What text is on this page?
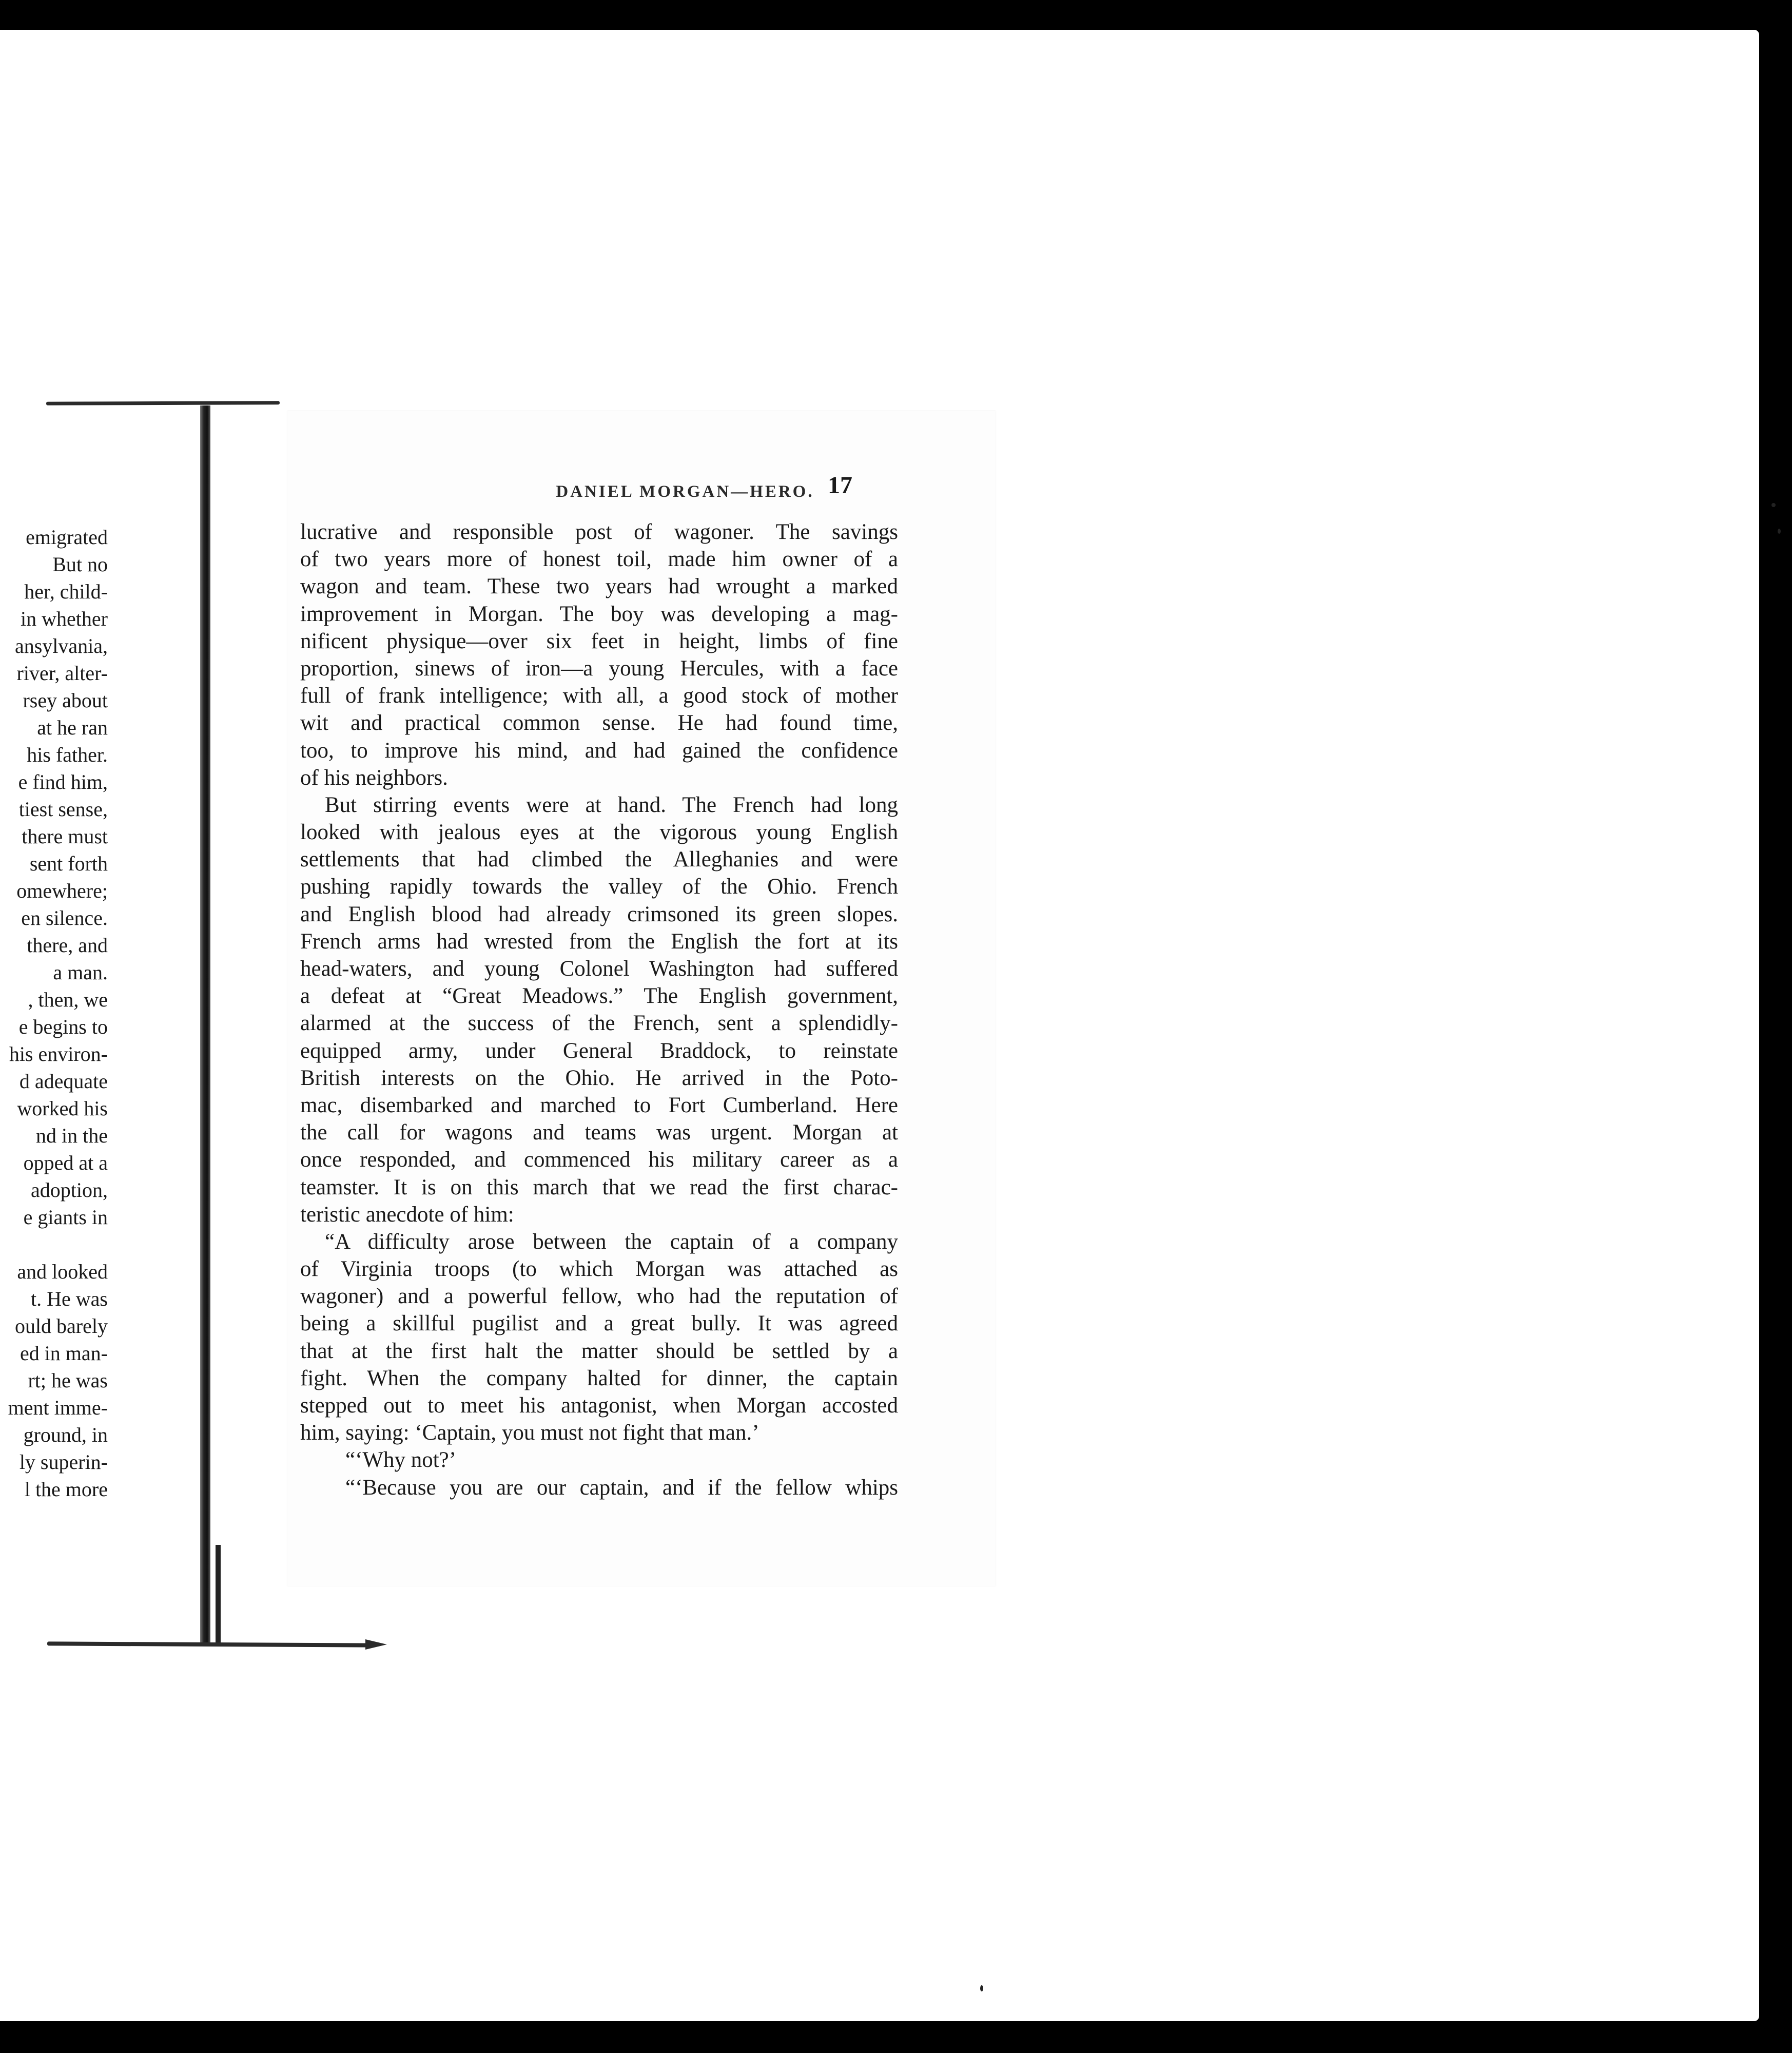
emigrated
But no
her, child-
in whether
ansylvania,
river, alter-
rsey about
at he ran
his father.
e find him,
tiest sense,
there must
sent forth
omewhere;
en silence.
there, and
a man.
, then, we
e begins to
his environ-
d adequate
worked his
nd in the
opped at a
adoption,
e giants in
and looked
t. He was
ould barely
ed in man-
rt; he was
ment imme-
ground, in
ly superin-
l the more
DANIEL MORGAN—HERO. 17
lucrative and responsible post of wagoner. The savings
of two years more of honest toil, made him owner of a
wagon and team. These two years had wrought a marked
improvement in Morgan. The boy was developing a mag-
nificent physique—over six feet in height, limbs of fine
proportion, sinews of iron—a young Hercules, with a face
full of frank intelligence; with all, a good stock of mother
wit and practical common sense. He had found time,
too, to improve his mind, and had gained the confidence
of his neighbors.
But stirring events were at hand. The French had long
looked with jealous eyes at the vigorous young English
settlements that had climbed the Alleghanies and were
pushing rapidly towards the valley of the Ohio. French
and English blood had already crimsoned its green slopes.
French arms had wrested from the English the fort at its
head-waters, and young Colonel Washington had suffered
a defeat at “Great Meadows.” The English government,
alarmed at the success of the French, sent a splendidly-
equipped army, under General Braddock, to reinstate
British interests on the Ohio. He arrived in the Poto-
mac, disembarked and marched to Fort Cumberland. Here
the call for wagons and teams was urgent. Morgan at
once responded, and commenced his military career as a
teamster. It is on this march that we read the first charac-
teristic anecdote of him:
“A difficulty arose between the captain of a company
of Virginia troops (to which Morgan was attached as
wagoner) and a powerful fellow, who had the reputation of
being a skillful pugilist and a great bully. It was agreed
that at the first halt the matter should be settled by a
fight. When the company halted for dinner, the captain
stepped out to meet his antagonist, when Morgan accosted
him, saying: ‘Captain, you must not fight that man.’
“‘Why not?’
“‘Because you are our captain, and if the fellow whips
